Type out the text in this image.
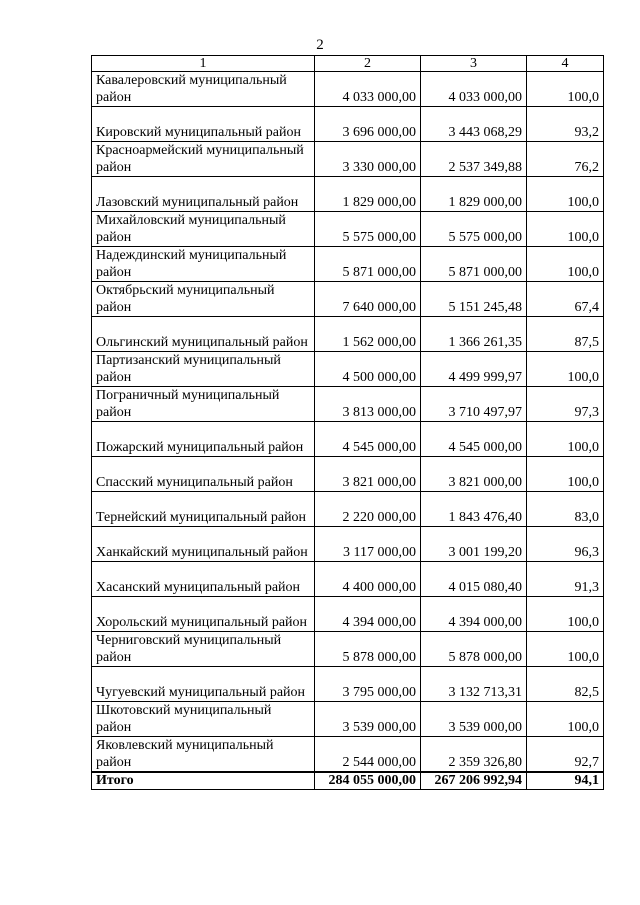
2
1	2	3	4
Кавалеровский муниципальный район	4 033 000,00	4 033 000,00	100,0
Кировский муниципальный район	3 696 000,00	3 443 068,29	93,2
Красноармейский муниципальный район	3 330 000,00	2 537 349,88	76,2
Лазовский муниципальный район	1 829 000,00	1 829 000,00	100,0
Михайловский муниципальный район	5 575 000,00	5 575 000,00	100,0
Надеждинский муниципальный район	5 871 000,00	5 871 000,00	100,0
Октябрьский муниципальный район	7 640 000,00	5 151 245,48	67,4
Ольгинский муниципальный район	1 562 000,00	1 366 261,35	87,5
Партизанский муниципальный район	4 500 000,00	4 499 999,97	100,0
Пограничный муниципальный район	3 813 000,00	3 710 497,97	97,3
Пожарский муниципальный район	4 545 000,00	4 545 000,00	100,0
Спасский муниципальный район	3 821 000,00	3 821 000,00	100,0
Тернейский муниципальный район	2 220 000,00	1 843 476,40	83,0
Ханкайский муниципальный район	3 117 000,00	3 001 199,20	96,3
Хасанский муниципальный район	4 400 000,00	4 015 080,40	91,3
Хорольский муниципальный район	4 394 000,00	4 394 000,00	100,0
Черниговский муниципальный район	5 878 000,00	5 878 000,00	100,0
Чугуевский муниципальный район	3 795 000,00	3 132 713,31	82,5
Шкотовский муниципальный район	3 539 000,00	3 539 000,00	100,0
Яковлевский муниципальный район	2 544 000,00	2 359 326,80	92,7
Итого	284 055 000,00	267 206 992,94	94,1
